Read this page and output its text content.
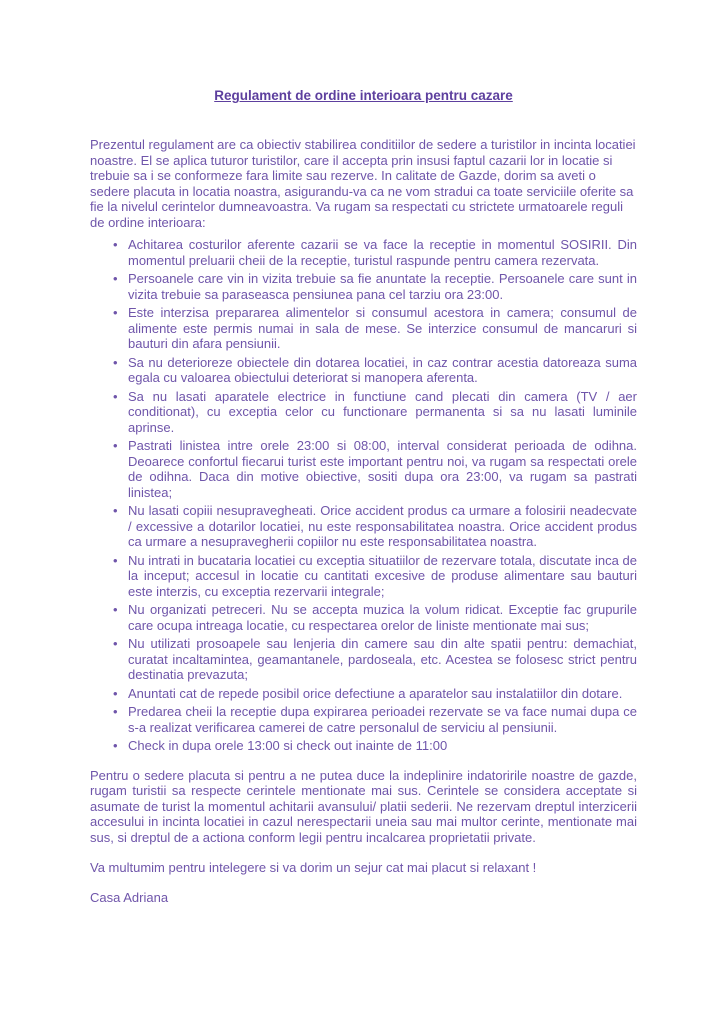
Regulament de ordine interioara pentru cazare

Prezentul regulament are ca obiectiv stabilirea conditiilor de sedere a turistilor in incinta locatiei noastre. El se aplica tuturor turistilor, care il accepta prin insusi faptul cazarii lor in locatie si trebuie sa i se conformeze fara limite sau rezerve. In calitate de Gazde, dorim sa aveti o sedere placuta in locatia noastra, asigurandu-va ca ne vom stradui ca toate serviciile oferite sa fie la nivelul cerintelor dumneavoastra. Va rugam sa respectati cu strictete urmatoarele reguli de ordine interioara:

• Achitarea costurilor aferente cazarii se va face la receptie in momentul SOSIRII. Din momentul preluarii cheii de la receptie, turistul raspunde pentru camera rezervata.
• Persoanele care vin in vizita trebuie sa fie anuntate la receptie. Persoanele care sunt in vizita trebuie sa paraseasca pensiunea pana cel tarziu ora 23:00.
• Este interzisa prepararea alimentelor si consumul acestora in camera; consumul de alimente este permis numai in sala de mese. Se interzice consumul de mancaruri si bauturi din afara pensiunii.
• Sa nu deterioreze obiectele din dotarea locatiei, in caz contrar acestia datoreaza suma egala cu valoarea obiectului deteriorat si manopera aferenta.
• Sa nu lasati aparatele electrice in functiune cand plecati din camera (TV / aer conditionat), cu exceptia celor cu functionare permanenta si sa nu lasati luminile aprinse.
• Pastrati linistea intre orele 23:00 si 08:00, interval considerat perioada de odihna. Deoarece confortul fiecarui turist este important pentru noi, va rugam sa respectati orele de odihna. Daca din motive obiective, sositi dupa ora 23:00, va rugam sa pastrati linistea;
• Nu lasati copiii nesupravegheati. Orice accident produs ca urmare a folosirii neadecvate / excessive a dotarilor locatiei, nu este responsabilitatea noastra. Orice accident produs ca urmare a nesupravegherii copiilor nu este responsabilitatea noastra.
• Nu intrati in bucataria locatiei cu exceptia situatiilor de rezervare totala, discutate inca de la inceput; accesul in locatie cu cantitati excesive de produse alimentare sau bauturi este interzis, cu exceptia rezervarii integrale;
• Nu organizati petreceri. Nu se accepta muzica la volum ridicat. Exceptie fac grupurile care ocupa intreaga locatie, cu respectarea orelor de liniste mentionate mai sus;
• Nu utilizati prosoapele sau lenjeria din camere sau din alte spatii pentru: demachiat, curatat incaltamintea, geamantanele, pardoseala, etc. Acestea se folosesc strict pentru destinatia prevazuta;
• Anuntati cat de repede posibil orice defectiune a aparatelor sau instalatiilor din dotare.
• Predarea cheii la receptie dupa expirarea perioadei rezervate se va face numai dupa ce s-a realizat verificarea camerei de catre personalul de serviciu al pensiunii.
• Check in dupa orele 13:00 si check out inainte de 11:00

Pentru o sedere placuta si pentru a ne putea duce la indeplinire indatoririle noastre de gazde, rugam turistii sa respecte cerintele mentionate mai sus. Cerintele se considera acceptate si asumate de turist la momentul achitarii avansului/ platii sederii. Ne rezervam dreptul interzicerii accesului in incinta locatiei in cazul nerespectarii uneia sau mai multor cerinte, mentionate mai sus, si dreptul de a actiona conform legii pentru incalcarea proprietatii private.

Va multumim pentru intelegere si va dorim un sejur cat mai placut si relaxant !

Casa Adriana
